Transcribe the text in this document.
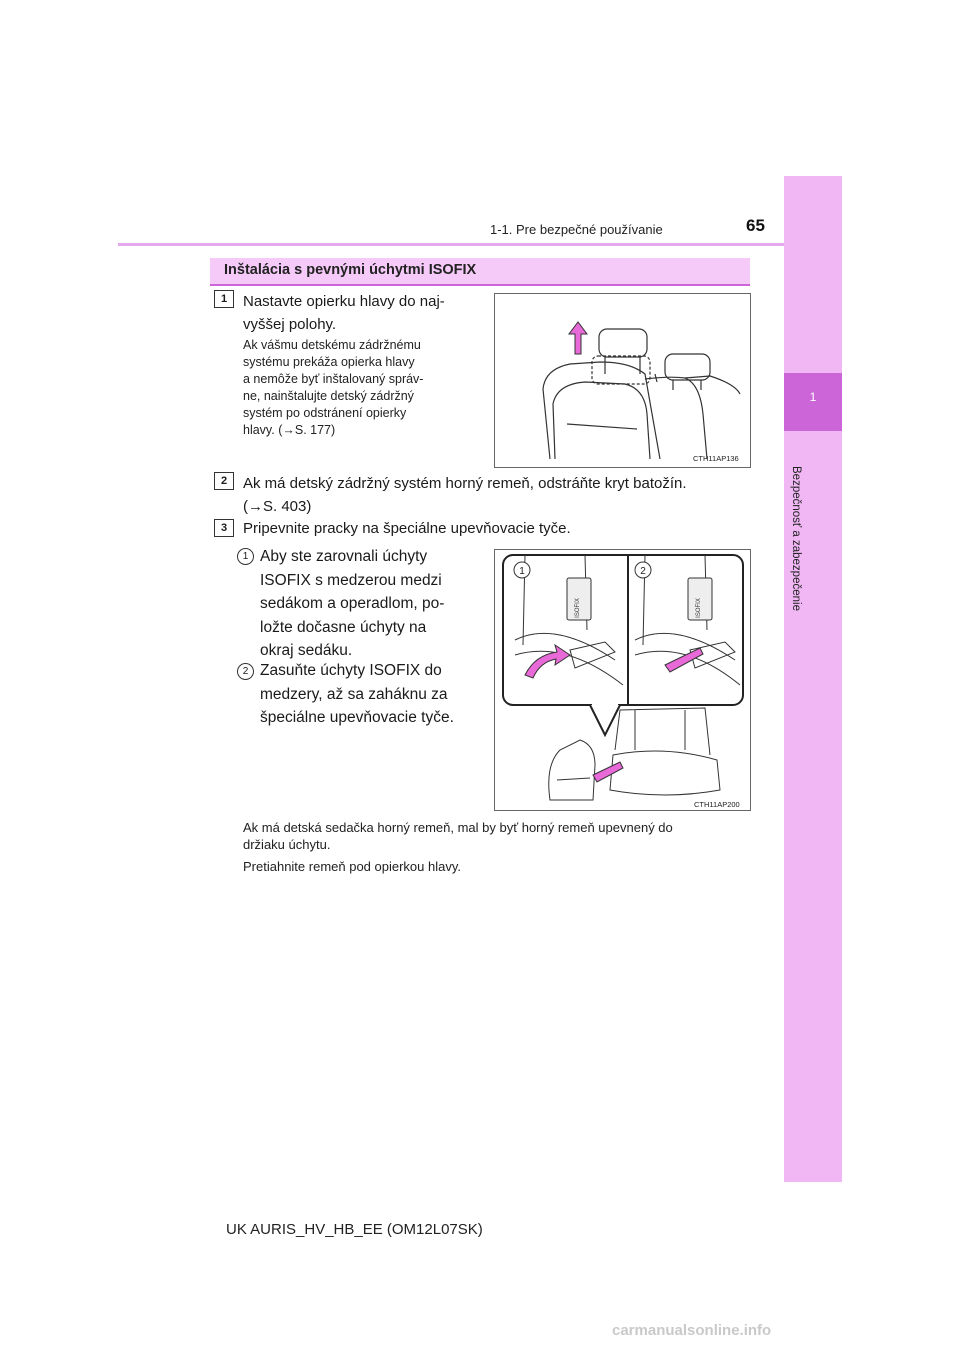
1
Bezpečnosť a zabezpečenie
1-1. Pre bezpečné používanie	65
Inštalácia s pevnými úchytmi ISOFIX
1	Nastavte opierku hlavy do naj-
vyššej polohy.
Ak vášmu detskému zádržnému
systému prekáža opierka hlavy
a nemôže byť inštalovaný správ-
ne, nainštalujte detský zádržný
systém po odstránení opierky
hlavy. (→S. 177)
CTH11AP136
2	Ak má detský zádržný systém horný remeň, odstráňte kryt batožín.
(→S. 403)
3	Pripevnite pracky na špeciálne upevňovacie tyče.
1 Aby ste zarovnali úchyty
ISOFIX s medzerou medzi
sedákom a operadlom, po-
ložte dočasne úchyty na
okraj sedáku.
2 Zasuňte úchyty ISOFIX do
medzery, až sa zaháknu za
špeciálne upevňovacie tyče.
ISOFIX	ISOFIX
1	2
CTH11AP200
Ak má detská sedačka horný remeň, mal by byť horný remeň upevnený do
držiaku úchytu.
Pretiahnite remeň pod opierkou hlavy.
UK AURIS_HV_HB_EE (OM12L07SK)
carmanualsonline.info
